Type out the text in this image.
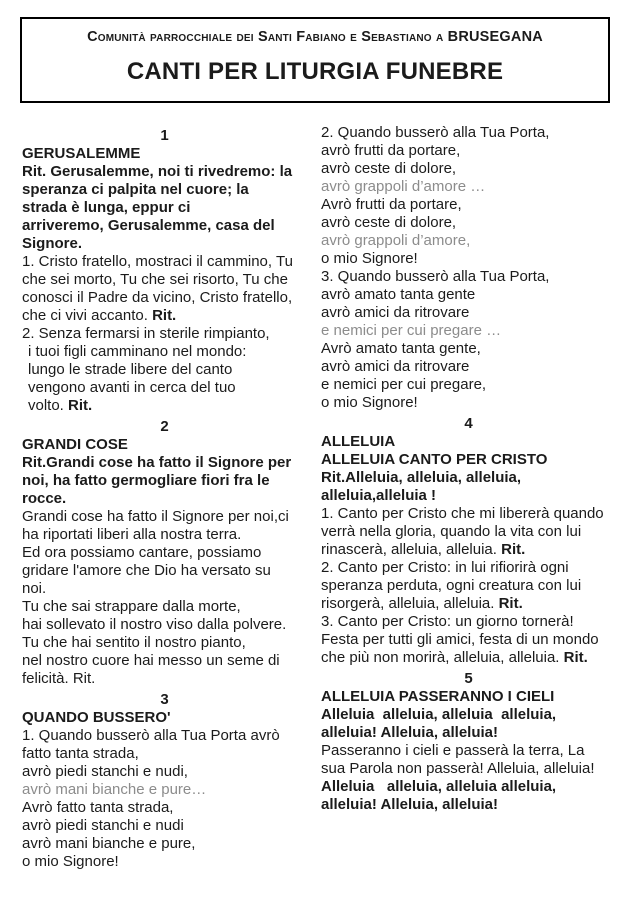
Comunità parrocchiale dei Santi Fabiano e Sebastiano a BRUSEGANA
CANTI PER LITURGIA FUNEBRE
1
GERUSALEMME
Rit. Gerusalemme, noi ti rivedremo: la
speranza ci palpita nel cuore; la
strada è lunga, eppur ci
arriveremo, Gerusalemme, casa del
Signore.
1. Cristo fratello, mostraci il cammino, Tu
che sei morto, Tu che sei risorto, Tu che
conosci il Padre da vicino, Cristo fratello,
che ci vivi accanto. Rit.
2. Senza fermarsi in sterile rimpianto,
i tuoi figli camminano nel mondo:
lungo le strade libere del canto
vengono avanti in cerca del tuo
volto. Rit.
2
GRANDI COSE
Rit.Grandi cose ha fatto il Signore per
noi, ha fatto germogliare fiori fra le
rocce.
Grandi cose ha fatto il Signore per noi,ci
ha riportati liberi alla nostra terra.
Ed ora possiamo cantare, possiamo
gridare l'amore che Dio ha versato su
noi.
Tu che sai strappare dalla morte,
hai sollevato il nostro viso dalla polvere.
Tu che hai sentito il nostro pianto,
nel nostro cuore hai messo un seme di
felicità. Rit.
3
QUANDO BUSSERO'
1. Quando busserò alla Tua Porta avrò
fatto tanta strada,
avrò piedi stanchi e nudi,
avrò mani bianche e pure…
Avrò fatto tanta strada,
avrò piedi stanchi e nudi
avrò mani bianche e pure,
o mio Signore!
2. Quando busserò alla Tua Porta,
avrò frutti da portare,
avrò ceste di dolore,
avrò grappoli d’amore …
Avrò frutti da portare,
avrò ceste di dolore,
avrò grappoli d’amore,
o mio Signore!
3. Quando busserò alla Tua Porta,
avrò amato tanta gente
avrò amici da ritrovare
e nemici per cui pregare …
Avrò amato tanta gente,
avrò amici da ritrovare
e nemici per cui pregare,
o mio Signore!
4
ALLELUIA
ALLELUIA CANTO PER CRISTO
Rit.Alleluia, alleluia, alleluia,
alleluia,alleluia !
1. Canto per Cristo che mi libererà quando
verrà nella gloria, quando la vita con lui
rinascerà, alleluia, alleluia. Rit.
2. Canto per Cristo: in lui rifiorirà ogni
speranza perduta, ogni creatura con lui
risorgerà, alleluia, alleluia. Rit.
3. Canto per Cristo: un giorno tornerà!
Festa per tutti gli amici, festa di un mondo
che più non morirà, alleluia, alleluia. Rit.
5
ALLELUIA PASSERANNO I CIELI
Alleluia  alleluia, alleluia  alleluia,
alleluia! Alleluia, alleluia!
Passeranno i cieli e passerà la terra, La
sua Parola non passerà! Alleluia, alleluia!
Alleluia   alleluia, alleluia alleluia,
alleluia! Alleluia, alleluia!
